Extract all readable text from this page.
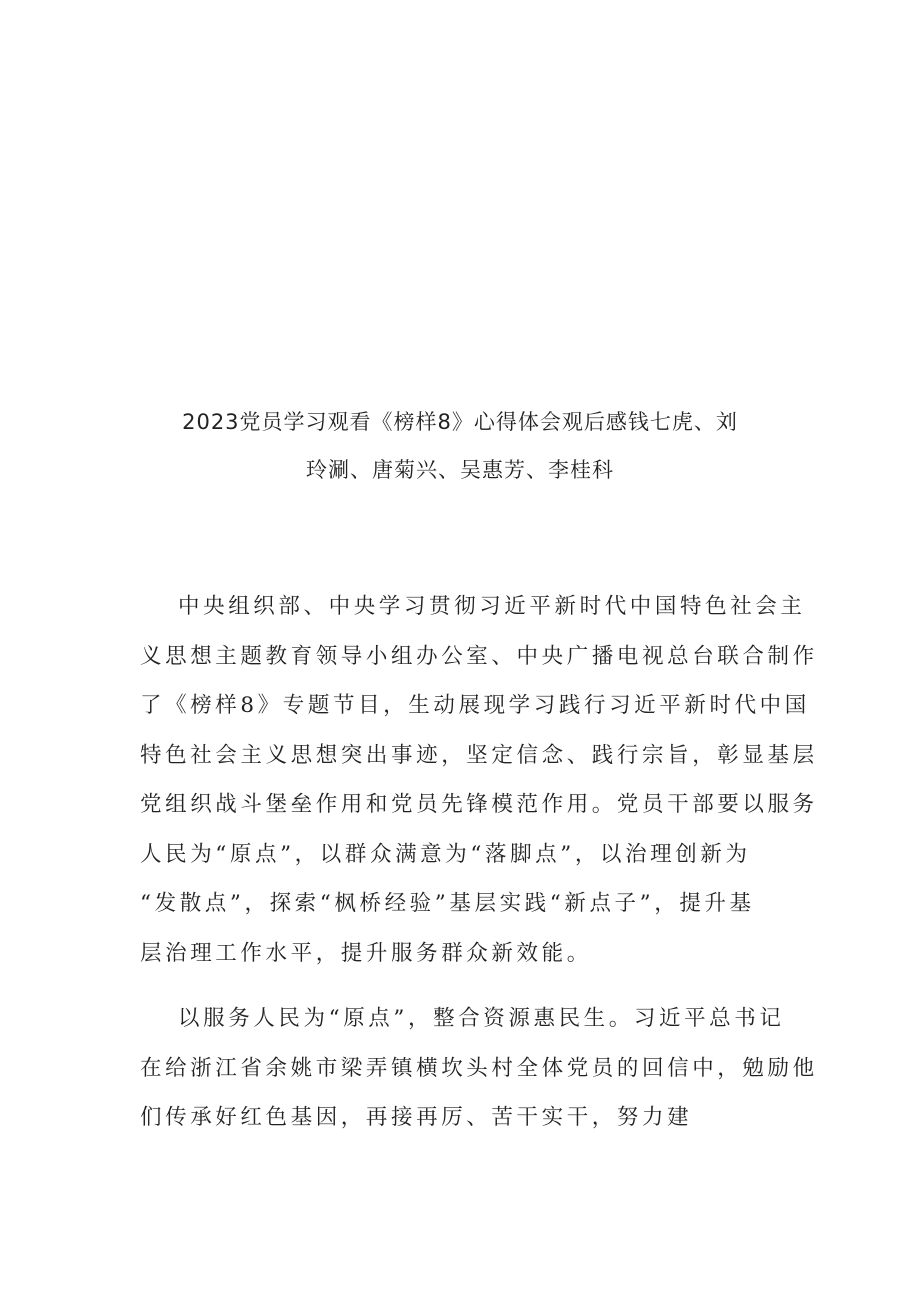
2023党员学习观看《榜样8》心得体会观后感钱七虎、刘
玲涮、唐菊兴、吴惠芳、李桂科

中央组织部、中央学习贯彻习近平新时代中国特色社会主
义思想主题教育领导小组办公室、中央广播电视总台联合制作
了《榜样8》专题节目，生动展现学习践行习近平新时代中国
特色社会主义思想突出事迹，坚定信念、践行宗旨，彰显基层
党组织战斗堡垒作用和党员先锋模范作用。党员干部要以服务
人民为“原点”，以群众满意为“落脚点”，以治理创新为
“发散点”，探索“枫桥经验”基层实践“新点子”，提升基
层治理工作水平，提升服务群众新效能。

以服务人民为“原点”，整合资源惠民生。习近平总书记
在给浙江省余姚市梁弄镇横坎头村全体党员的回信中，勉励他
们传承好红色基因，再接再厉、苦干实干，努力建
